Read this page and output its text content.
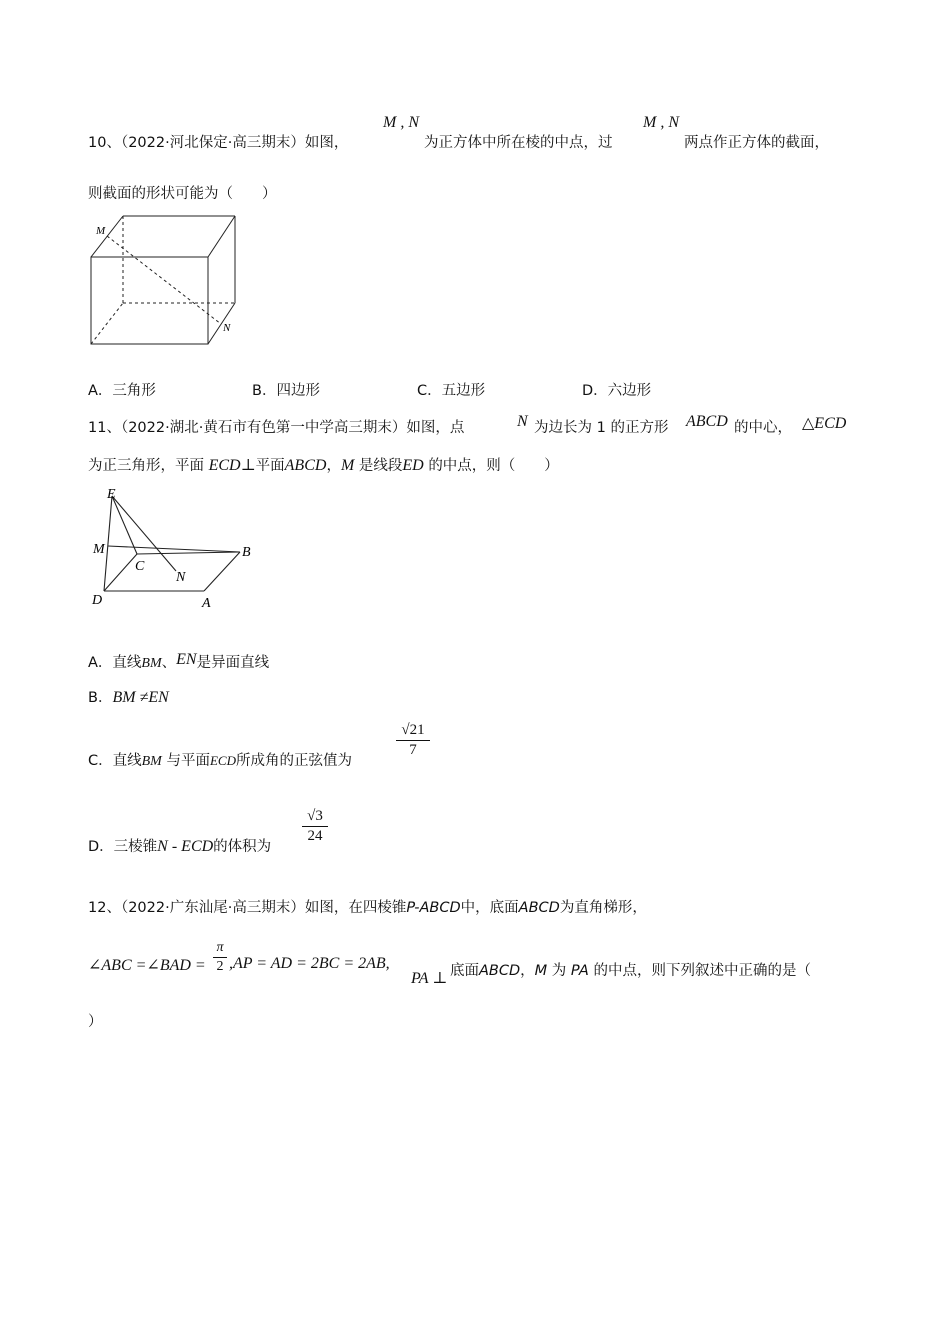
10、（2022·河北保定·高三期末）如图，
M , N
为正方体中所在棱的中点，过
M , N
两点作正方体的截面，
则截面的形状可能为（　　）
M
N
A．三角形	B．四边形	C．五边形	D．六边形
11、（2022·湖北·黄石市有色第一中学高三期末）如图，点	N 为边长为 1 的正方形 ABCD 的中心， △ECD
为正三角形，平面 ECD⊥平面ABCD，M 是线段ED 的中点，则（　　）
E
M
C
N
B
D	A
A．直线BM、EN是异面直线
B．BM ≠EN
C．直线BM 与平面ECD所成角的正弦值为
√21
7
D．三棱锥N - ECD的体积为
√3
24
12、（2022·广东汕尾·高三期末）如图，在四棱锥P-ABCD中，底面ABCD为直角梯形，
∠ABC =∠BAD =
π
2 ,AP = AD = 2BC = 2AB,
PA ⊥ 底面ABCD，M 为 PA 的中点，则下列叙述中正确的是（
）
